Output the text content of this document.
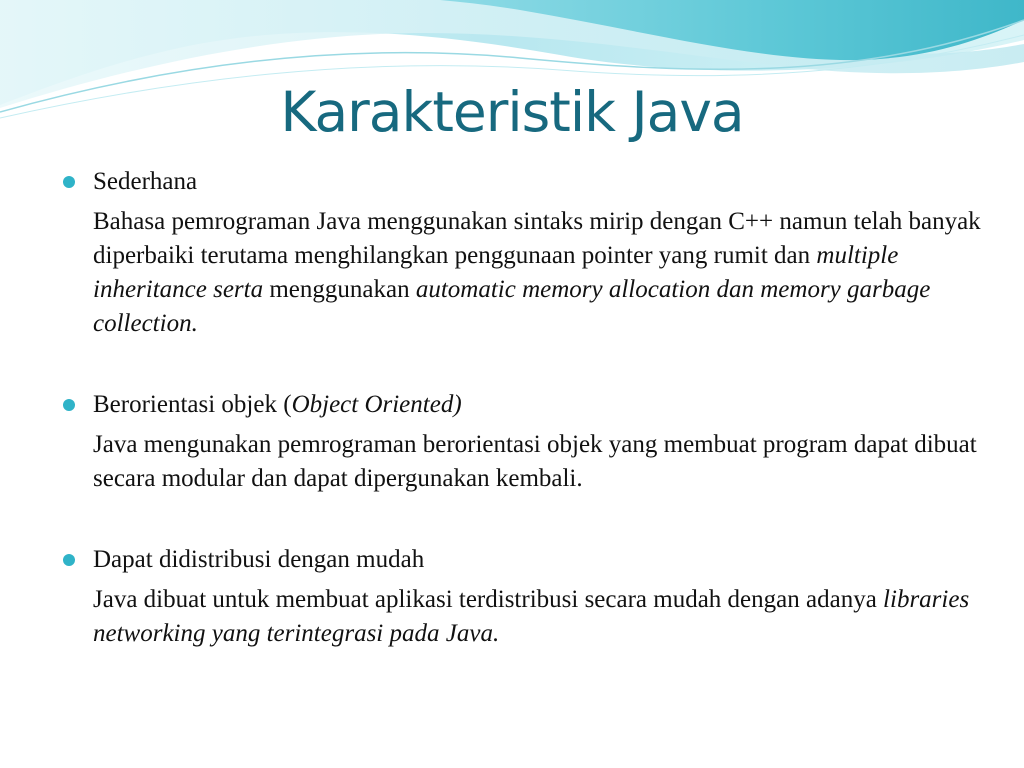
Karakteristik Java

Sederhana

Bahasa pemrograman Java menggunakan sintaks mirip dengan C++ namun telah banyak diperbaiki terutama menghilangkan penggunaan pointer yang rumit dan multiple inheritance serta menggunakan automatic memory allocation dan memory garbage collection.

Berorientasi objek (Object Oriented)

Java mengunakan pemrograman berorientasi objek yang membuat program dapat dibuat secara modular dan dapat dipergunakan kembali.

Dapat didistribusi dengan mudah

Java dibuat untuk membuat aplikasi terdistribusi secara mudah dengan adanya libraries networking yang terintegrasi pada Java.
